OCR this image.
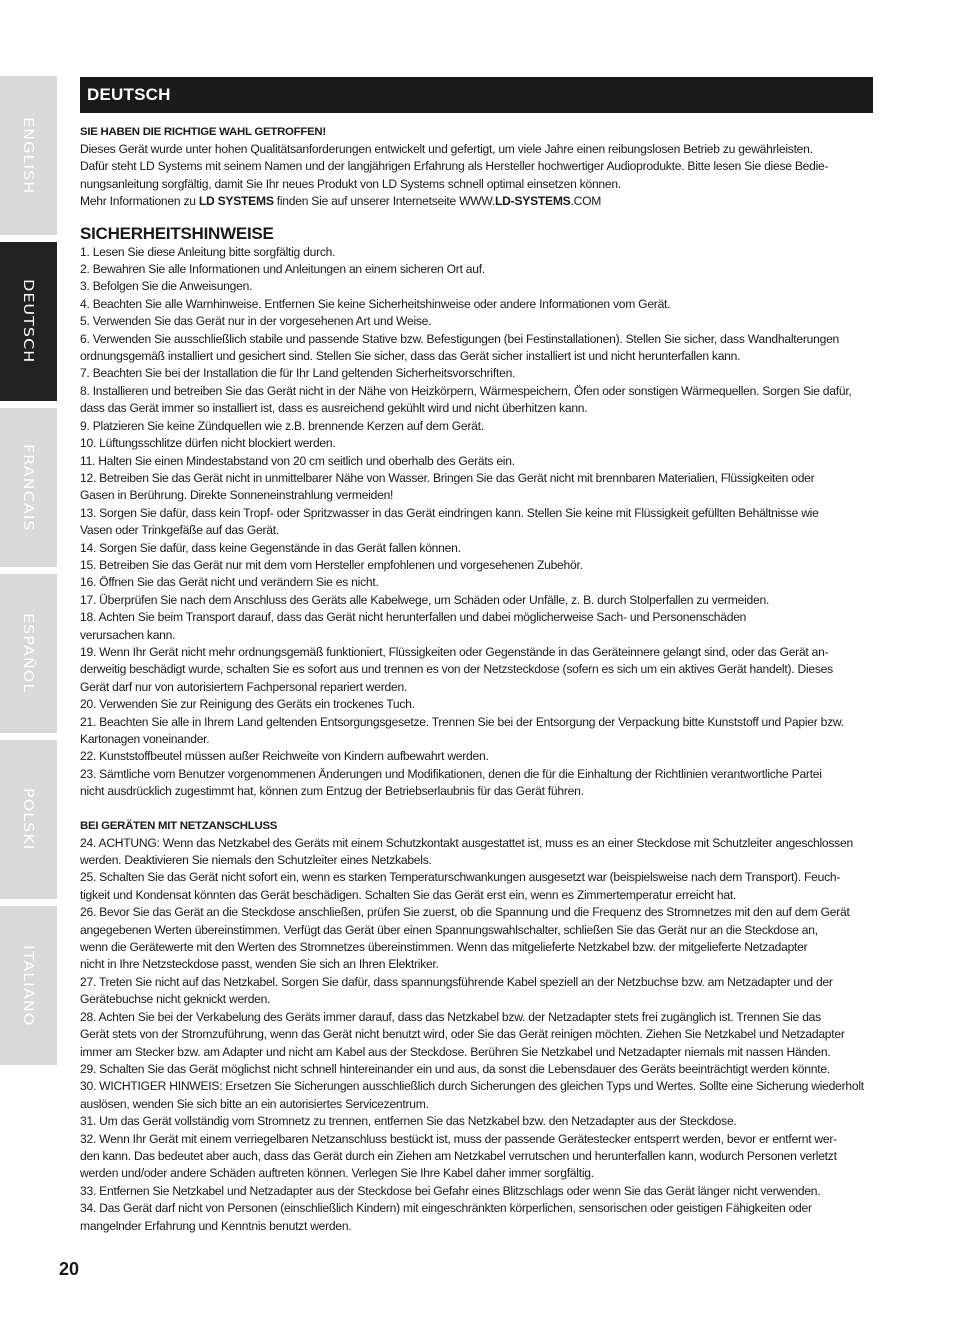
ENGLISH
DEUTSCH
FRANCAIS
ESPAÑOL
POLSKI
ITALIANO
DEUTSCH

SIE HABEN DIE RICHTIGE WAHL GETROFFEN!

Dieses Gerät wurde unter hohen Qualitätsanforderungen entwickelt und gefertigt, um viele Jahre einen reibungslosen Betrieb zu gewährleisten.

Dafür steht LD Systems mit seinem Namen und der langjährigen Erfahrung als Hersteller hochwertiger Audioprodukte. Bitte lesen Sie diese Bedie-

nungsanleitung sorgfältig, damit Sie Ihr neues Produkt von LD Systems schnell optimal einsetzen können.

Mehr Informationen zu LD SYSTEMS finden Sie auf unserer Internetseite WWW.LD-SYSTEMS.COM

SICHERHEITSHINWEISE

1. Lesen Sie diese Anleitung bitte sorgfältig durch.

2. Bewahren Sie alle Informationen und Anleitungen an einem sicheren Ort auf.

3. Befolgen Sie die Anweisungen.

4. Beachten Sie alle Warnhinweise. Entfernen Sie keine Sicherheitshinweise oder andere Informationen vom Gerät.

5. Verwenden Sie das Gerät nur in der vorgesehenen Art und Weise.

6. Verwenden Sie ausschließlich stabile und passende Stative bzw. Befestigungen (bei Festinstallationen). Stellen Sie sicher, dass Wandhalterungen

ordnungsgemäß installiert und gesichert sind. Stellen Sie sicher, dass das Gerät sicher installiert ist und nicht herunterfallen kann.

7. Beachten Sie bei der Installation die für Ihr Land geltenden Sicherheitsvorschriften.

8. Installieren und betreiben Sie das Gerät nicht in der Nähe von Heizkörpern, Wärmespeichern, Öfen oder sonstigen Wärmequellen. Sorgen Sie dafür,

dass das Gerät immer so installiert ist, dass es ausreichend gekühlt wird und nicht überhitzen kann.

9. Platzieren Sie keine Zündquellen wie z.B. brennende Kerzen auf dem Gerät.

10. Lüftungsschlitze dürfen nicht blockiert werden.

11. Halten Sie einen Mindestabstand von 20 cm seitlich und oberhalb des Geräts ein.

12. Betreiben Sie das Gerät nicht in unmittelbarer Nähe von Wasser. Bringen Sie das Gerät nicht mit brennbaren Materialien, Flüssigkeiten oder

Gasen in Berührung. Direkte Sonneneinstrahlung vermeiden!

13. Sorgen Sie dafür, dass kein Tropf- oder Spritzwasser in das Gerät eindringen kann. Stellen Sie keine mit Flüssigkeit gefüllten Behältnisse wie

Vasen oder Trinkgefäße auf das Gerät.

14. Sorgen Sie dafür, dass keine Gegenstände in das Gerät fallen können.

15. Betreiben Sie das Gerät nur mit dem vom Hersteller empfohlenen und vorgesehenen Zubehör.

16. Öffnen Sie das Gerät nicht und verändern Sie es nicht.

17. Überprüfen Sie nach dem Anschluss des Geräts alle Kabelwege, um Schäden oder Unfälle, z. B. durch Stolperfallen zu vermeiden.

18. Achten Sie beim Transport darauf, dass das Gerät nicht herunterfallen und dabei möglicherweise Sach- und Personenschäden

verursachen kann.

19. Wenn Ihr Gerät nicht mehr ordnungsgemäß funktioniert, Flüssigkeiten oder Gegenstände in das Geräteinnere gelangt sind, oder das Gerät an-

derweitig beschädigt wurde, schalten Sie es sofort aus und trennen es von der Netzsteckdose (sofern es sich um ein aktives Gerät handelt). Dieses

Gerät darf nur von autorisiertem Fachpersonal repariert werden.

20. Verwenden Sie zur Reinigung des Geräts ein trockenes Tuch.

21. Beachten Sie alle in Ihrem Land geltenden Entsorgungsgesetze. Trennen Sie bei der Entsorgung der Verpackung bitte Kunststoff und Papier bzw.

Kartonagen voneinander.

22. Kunststoffbeutel müssen außer Reichweite von Kindern aufbewahrt werden.

23. Sämtliche vom Benutzer vorgenommenen Änderungen und Modifikationen, denen die für die Einhaltung der Richtlinien verantwortliche Partei

nicht ausdrücklich zugestimmt hat, können zum Entzug der Betriebserlaubnis für das Gerät führen.

BEI GERÄTEN MIT NETZANSCHLUSS

24. ACHTUNG: Wenn das Netzkabel des Geräts mit einem Schutzkontakt ausgestattet ist, muss es an einer Steckdose mit Schutzleiter angeschlossen

werden. Deaktivieren Sie niemals den Schutzleiter eines Netzkabels.

25. Schalten Sie das Gerät nicht sofort ein, wenn es starken Temperaturschwankungen ausgesetzt war (beispielsweise nach dem Transport). Feuch-

tigkeit und Kondensat könnten das Gerät beschädigen. Schalten Sie das Gerät erst ein, wenn es Zimmertemperatur erreicht hat.

26. Bevor Sie das Gerät an die Steckdose anschließen, prüfen Sie zuerst, ob die Spannung und die Frequenz des Stromnetzes mit den auf dem Gerät

angegebenen Werten übereinstimmen. Verfügt das Gerät über einen Spannungswahlschalter, schließen Sie das Gerät nur an die Steckdose an,

wenn die Gerätewerte mit den Werten des Stromnetzes übereinstimmen. Wenn das mitgelieferte Netzkabel bzw. der mitgelieferte Netzadapter

nicht in Ihre Netzsteckdose passt, wenden Sie sich an Ihren Elektriker.

27. Treten Sie nicht auf das Netzkabel. Sorgen Sie dafür, dass spannungsführende Kabel speziell an der Netzbuchse bzw. am Netzadapter und der

Gerätebuchse nicht geknickt werden.

28. Achten Sie bei der Verkabelung des Geräts immer darauf, dass das Netzkabel bzw. der Netzadapter stets frei zugänglich ist. Trennen Sie das

Gerät stets von der Stromzuführung, wenn das Gerät nicht benutzt wird, oder Sie das Gerät reinigen möchten. Ziehen Sie Netzkabel und Netzadapter

immer am Stecker bzw. am Adapter und nicht am Kabel aus der Steckdose. Berühren Sie Netzkabel und Netzadapter niemals mit nassen Händen.

29. Schalten Sie das Gerät möglichst nicht schnell hintereinander ein und aus, da sonst die Lebensdauer des Geräts beeinträchtigt werden könnte.

30. WICHTIGER HINWEIS: Ersetzen Sie Sicherungen ausschließlich durch Sicherungen des gleichen Typs und Wertes. Sollte eine Sicherung wiederholt

auslösen, wenden Sie sich bitte an ein autorisiertes Servicezentrum.

31. Um das Gerät vollständig vom Stromnetz zu trennen, entfernen Sie das Netzkabel bzw. den Netzadapter aus der Steckdose.

32. Wenn Ihr Gerät mit einem verriegelbaren Netzanschluss bestückt ist, muss der passende Gerätestecker entsperrt werden, bevor er entfernt wer-

den kann. Das bedeutet aber auch, dass das Gerät durch ein Ziehen am Netzkabel verrutschen und herunterfallen kann, wodurch Personen verletzt

werden und/oder andere Schäden auftreten können. Verlegen Sie Ihre Kabel daher immer sorgfältig.

33. Entfernen Sie Netzkabel und Netzadapter aus der Steckdose bei Gefahr eines Blitzschlags oder wenn Sie das Gerät länger nicht verwenden.

34. Das Gerät darf nicht von Personen (einschließlich Kindern) mit eingeschränkten körperlichen, sensorischen oder geistigen Fähigkeiten oder

mangelnder Erfahrung und Kenntnis benutzt werden.

20
